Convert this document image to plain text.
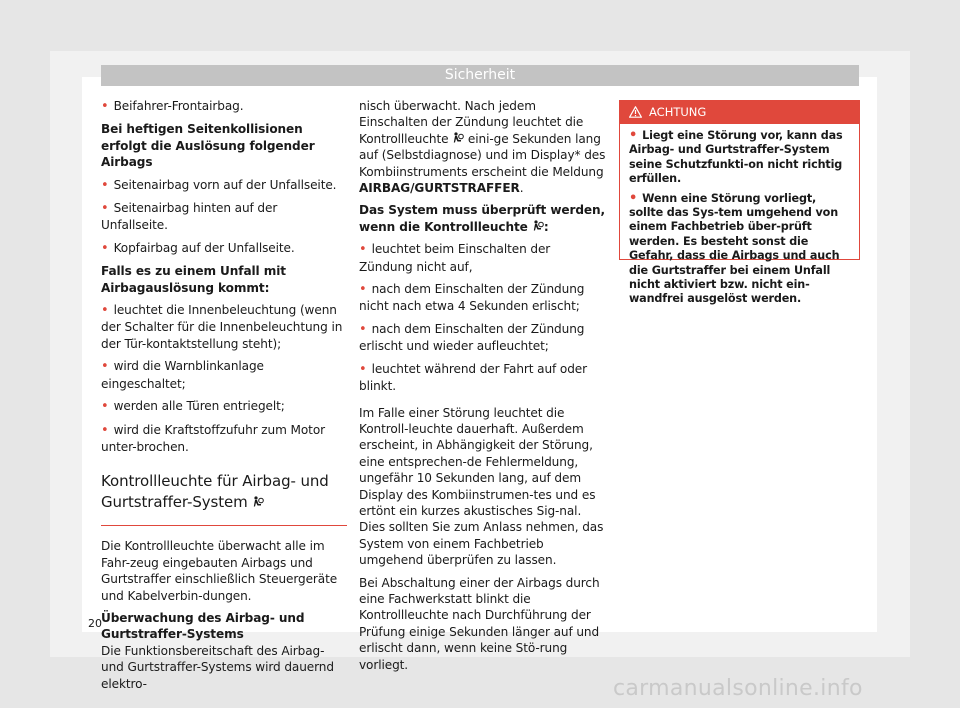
Sicherheit

• Beifahrer-Frontairbag.

Bei heftigen Seitenkollisionen erfolgt die Auslösung folgender Airbags

• Seitenairbag vorn auf der Unfallseite.

• Seitenairbag hinten auf der Unfallseite.

• Kopfairbag auf der Unfallseite.

Falls es zu einem Unfall mit Airbagauslösung kommt:

• leuchtet die Innenbeleuchtung (wenn der Schalter für die Innenbeleuchtung in der Tür-kontaktstellung steht);

• wird die Warnblinkanlage eingeschaltet;

• werden alle Türen entriegelt;

• wird die Kraftstoffzufuhr zum Motor unter-brochen.

Kontrollleuchte für Airbag- und Gurtstraffer-System

Die Kontrollleuchte überwacht alle im Fahr-zeug eingebauten Airbags und Gurtstraffer einschließlich Steuergeräte und Kabelverbin-dungen.

Überwachung des Airbag- und Gurtstraffer-Systems

Die Funktionsbereitschaft des Airbag- und Gurtstraffer-Systems wird dauernd elektro-

nisch überwacht. Nach jedem Einschalten der Zündung leuchtet die Kontrollleuchte eini-ge Sekunden lang auf (Selbstdiagnose) und im Display* des Kombiinstruments erscheint die Meldung AIRBAG/GURTSTRAFFER.

Das System muss überprüft werden, wenn die Kontrollleuchte :

• leuchtet beim Einschalten der Zündung nicht auf,

• nach dem Einschalten der Zündung nicht nach etwa 4 Sekunden erlischt;

• nach dem Einschalten der Zündung erlischt und wieder aufleuchtet;

• leuchtet während der Fahrt auf oder blinkt.

Im Falle einer Störung leuchtet die Kontroll-leuchte dauerhaft. Außerdem erscheint, in Abhängigkeit der Störung, eine entsprechen-de Fehlermeldung, ungefähr 10 Sekunden lang, auf dem Display des Kombiinstrumen-tes und es ertönt ein kurzes akustisches Sig-nal. Dies sollten Sie zum Anlass nehmen, das System von einem Fachbetrieb umgehend überprüfen zu lassen.

Bei Abschaltung einer der Airbags durch eine Fachwerkstatt blinkt die Kontrollleuchte nach Durchführung der Prüfung einige Sekunden länger auf und erlischt dann, wenn keine Stö-rung vorliegt.

ACHTUNG

• Liegt eine Störung vor, kann das Airbag- und Gurtstraffer-System seine Schutzfunkti-on nicht richtig erfüllen.

• Wenn eine Störung vorliegt, sollte das Sys-tem umgehend von einem Fachbetrieb über-prüft werden. Es besteht sonst die Gefahr, dass die Airbags und auch die Gurtstraffer bei einem Unfall nicht aktiviert bzw. nicht ein-wandfrei ausgelöst werden.

20
carmanualsonline.info
